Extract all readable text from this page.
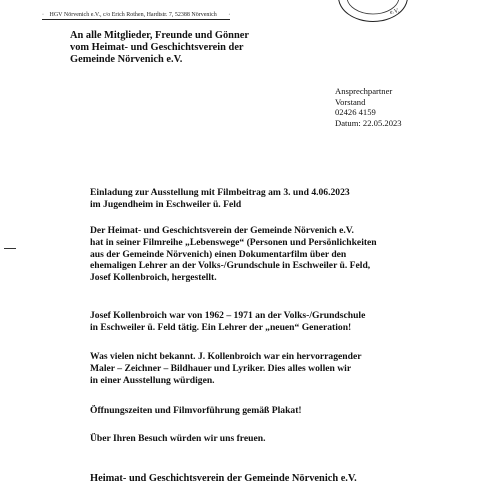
· HGV Nörvenich e.V., c/o Erich Rothen, Hardtstr. 7, 52388 Nörvenich ·	e.V.
An alle Mitglieder, Freunde und Gönner
vom Heimat- und Geschichtsverein der
Gemeinde Nörvenich e.V.
Ansprechpartner
Vorstand
02426 4159
Datum: 22.05.2023
Einladung zur Ausstellung mit Filmbeitrag am 3. und 4.06.2023
im Jugendheim in Eschweiler ü. Feld
Der Heimat- und Geschichtsverein der Gemeinde Nörvenich e.V.
hat in seiner Filmreihe „Lebenswege“ (Personen und Persönlichkeiten
aus der Gemeinde Nörvenich) einen Dokumentarfilm über den
ehemaligen Lehrer an der Volks-/Grundschule in Eschweiler ü. Feld,
Josef Kollenbroich, hergestellt.
Josef Kollenbroich war von 1962 – 1971 an der Volks-/Grundschule
in Eschweiler ü. Feld tätig. Ein Lehrer der „neuen“ Generation!
Was vielen nicht bekannt. J. Kollenbroich war ein hervorragender
Maler – Zeichner – Bildhauer und Lyriker. Dies alles wollen wir
in einer Ausstellung würdigen.
Öffnungszeiten und Filmvorführung gemäß Plakat!
Über Ihren Besuch würden wir uns freuen.
Heimat- und Geschichtsverein der Gemeinde Nörvenich e.V.
